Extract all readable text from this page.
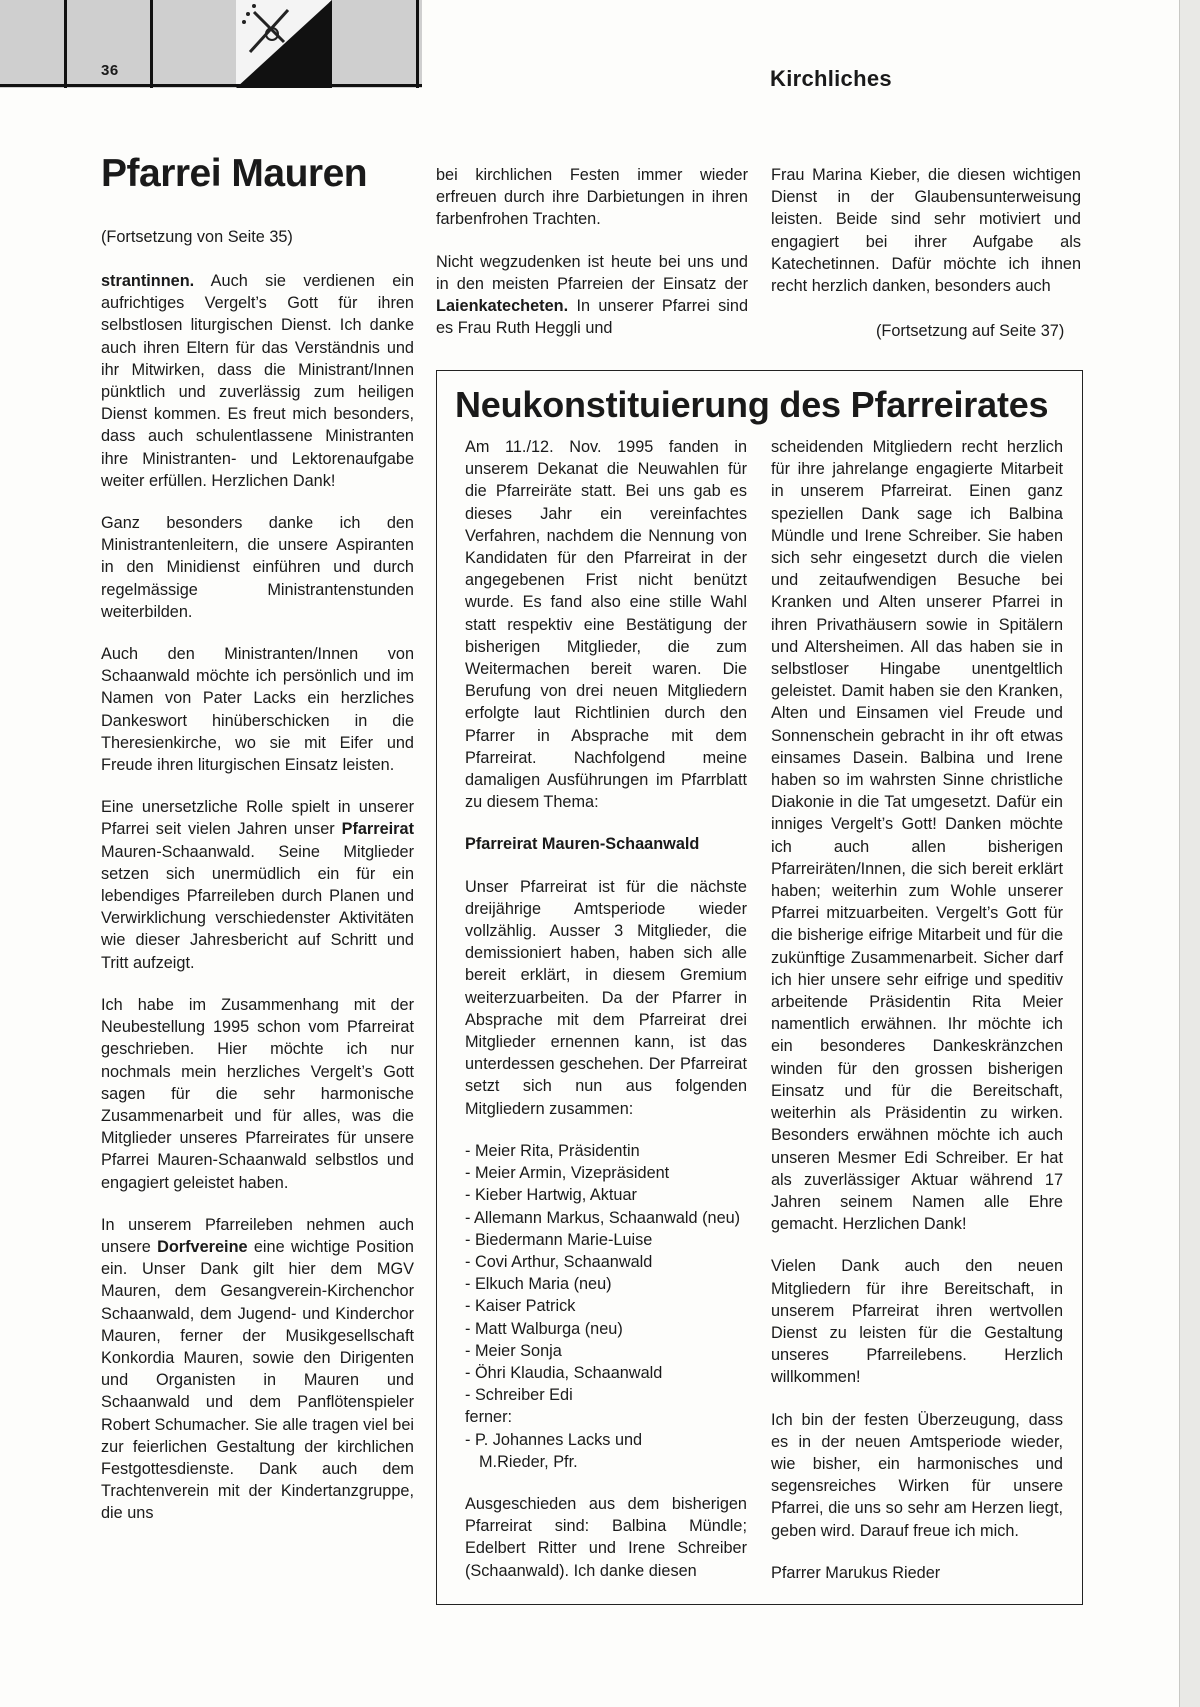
36	Kirchliches
Pfarrei Mauren
(Fortsetzung von Seite 35)

strantinnen. Auch sie verdienen ein aufrichtiges Vergelt’s Gott für ihren selbstlosen liturgischen Dienst. Ich danke auch ihren Eltern für das Verständnis und ihr Mitwirken, dass die Ministrant/Innen pünktlich und zuverlässig zum heiligen Dienst kommen. Es freut mich besonders, dass auch schulentlassene Ministranten ihre Ministranten- und Lektorenaufgabe weiter erfüllen. Herzlichen Dank!

Ganz besonders danke ich den Ministrantenleitern, die unsere Aspiranten in den Minidienst einführen und durch regelmässige Ministrantenstunden weiterbilden.

Auch den Ministranten/Innen von Schaanwald möchte ich persönlich und im Namen von Pater Lacks ein herzliches Dankeswort hinüberschicken in die Theresienkirche, wo sie mit Eifer und Freude ihren liturgischen Einsatz leisten.

Eine unersetzliche Rolle spielt in unserer Pfarrei seit vielen Jahren unser Pfarreirat Mauren-Schaanwald. Seine Mitglieder setzen sich unermüdlich ein für ein lebendiges Pfarreileben durch Planen und Verwirklichung verschiedenster Aktivitäten wie dieser Jahresbericht auf Schritt und Tritt aufzeigt.

Ich habe im Zusammenhang mit der Neubestellung 1995 schon vom Pfarreirat geschrieben. Hier möchte ich nur nochmals mein herzliches Vergelt’s Gott sagen für die sehr harmonische Zusammenarbeit und für alles, was die Mitglieder unseres Pfarreirates für unsere Pfarrei Mauren-Schaanwald selbstlos und engagiert geleistet haben.

In unserem Pfarreileben nehmen auch unsere Dorfvereine eine wichtige Position ein. Unser Dank gilt hier dem MGV Mauren, dem Gesangverein-Kirchenchor Schaanwald, dem Jugend- und Kinderchor Mauren, ferner der Musikgesellschaft Konkordia Mauren, sowie den Dirigenten und Organisten in Mauren und Schaanwald und dem Panflötenspieler Robert Schumacher. Sie alle tragen viel bei zur feierlichen Gestaltung der kirchlichen Festgottesdienste. Dank auch dem Trachtenverein mit der Kindertanzgruppe, die uns

bei kirchlichen Festen immer wieder erfreuen durch ihre Darbietungen in ihren farbenfrohen Trachten.

Nicht wegzudenken ist heute bei uns und in den meisten Pfarreien der Einsatz der Laienkatecheten. In unserer Pfarrei sind es Frau Ruth Heggli und

Frau Marina Kieber, die diesen wichtigen Dienst in der Glaubensunterweisung leisten. Beide sind sehr motiviert und engagiert bei ihrer Aufgabe als Katechetinnen. Dafür möchte ich ihnen recht herzlich danken, besonders auch

(Fortsetzung auf Seite 37)
Neukonstituierung des Pfarreirates

Am 11./12. Nov. 1995 fanden in unserem Dekanat die Neuwahlen für die Pfarreiräte statt. Bei uns gab es dieses Jahr ein vereinfachtes Verfahren, nachdem die Nennung von Kandidaten für den Pfarreirat in der angegebenen Frist nicht benützt wurde. Es fand also eine stille Wahl statt respektiv eine Bestätigung der bisherigen Mitglieder, die zum Weitermachen bereit waren. Die Berufung von drei neuen Mitgliedern erfolgte laut Richtlinien durch den Pfarrer in Absprache mit dem Pfarreirat. Nachfolgend meine damaligen Ausführungen im Pfarrblatt zu diesem Thema:

Pfarreirat Mauren-Schaanwald

Unser Pfarreirat ist für die nächste dreijährige Amtsperiode wieder vollzählig. Ausser 3 Mitglieder, die demissioniert haben, haben sich alle bereit erklärt, in diesem Gremium weiterzuarbeiten. Da der Pfarrer in Absprache mit dem Pfarreirat drei Mitglieder ernennen kann, ist das unterdessen geschehen. Der Pfarreirat setzt sich nun aus folgenden Mitgliedern zusammen:

- Meier Rita, Präsidentin
- Meier Armin, Vizepräsident
- Kieber Hartwig, Aktuar
- Allemann Markus, Schaanwald (neu)
- Biedermann Marie-Luise
- Covi Arthur, Schaanwald
- Elkuch Maria (neu)
- Kaiser Patrick
- Matt Walburga (neu)
- Meier Sonja
- Öhri Klaudia, Schaanwald
- Schreiber Edi
ferner:
- P. Johannes Lacks und
M.Rieder, Pfr.

Ausgeschieden aus dem bisherigen Pfarreirat sind: Balbina Mündle; Edelbert Ritter und Irene Schreiber (Schaanwald). Ich danke diesen

scheidenden Mitgliedern recht herzlich für ihre jahrelange engagierte Mitarbeit in unserem Pfarreirat. Einen ganz speziellen Dank sage ich Balbina Mündle und Irene Schreiber. Sie haben sich sehr eingesetzt durch die vielen und zeitaufwendigen Besuche bei Kranken und Alten unserer Pfarrei in ihren Privathäusern sowie in Spitälern und Altersheimen. All das haben sie in selbstloser Hingabe unentgeltlich geleistet. Damit haben sie den Kranken, Alten und Einsamen viel Freude und Sonnenschein gebracht in ihr oft etwas einsames Dasein. Balbina und Irene haben so im wahrsten Sinne christliche Diakonie in die Tat umgesetzt. Dafür ein inniges Vergelt’s Gott! Danken möchte ich auch allen bisherigen Pfarreiräten/Innen, die sich bereit erklärt haben; weiterhin zum Wohle unserer Pfarrei mitzuarbeiten. Vergelt’s Gott für die bisherige eifrige Mitarbeit und für die zukünftige Zusammenarbeit. Sicher darf ich hier unsere sehr eifrige und speditiv arbeitende Präsidentin Rita Meier namentlich erwähnen. Ihr möchte ich ein besonderes Dankeskränzchen winden für den grossen bisherigen Einsatz und für die Bereitschaft, weiterhin als Präsidentin zu wirken. Besonders erwähnen möchte ich auch unseren Mesmer Edi Schreiber. Er hat als zuverlässiger Aktuar während 17 Jahren seinem Namen alle Ehre gemacht. Herzlichen Dank!

Vielen Dank auch den neuen Mitgliedern für ihre Bereitschaft, in unserem Pfarreirat ihren wertvollen Dienst zu leisten für die Gestaltung unseres Pfarreilebens. Herzlich willkommen!

Ich bin der festen Überzeugung, dass es in der neuen Amtsperiode wieder, wie bisher, ein harmonisches und segensreiches Wirken für unsere Pfarrei, die uns so sehr am Herzen liegt, geben wird. Darauf freue ich mich.

Pfarrer Marukus Rieder
